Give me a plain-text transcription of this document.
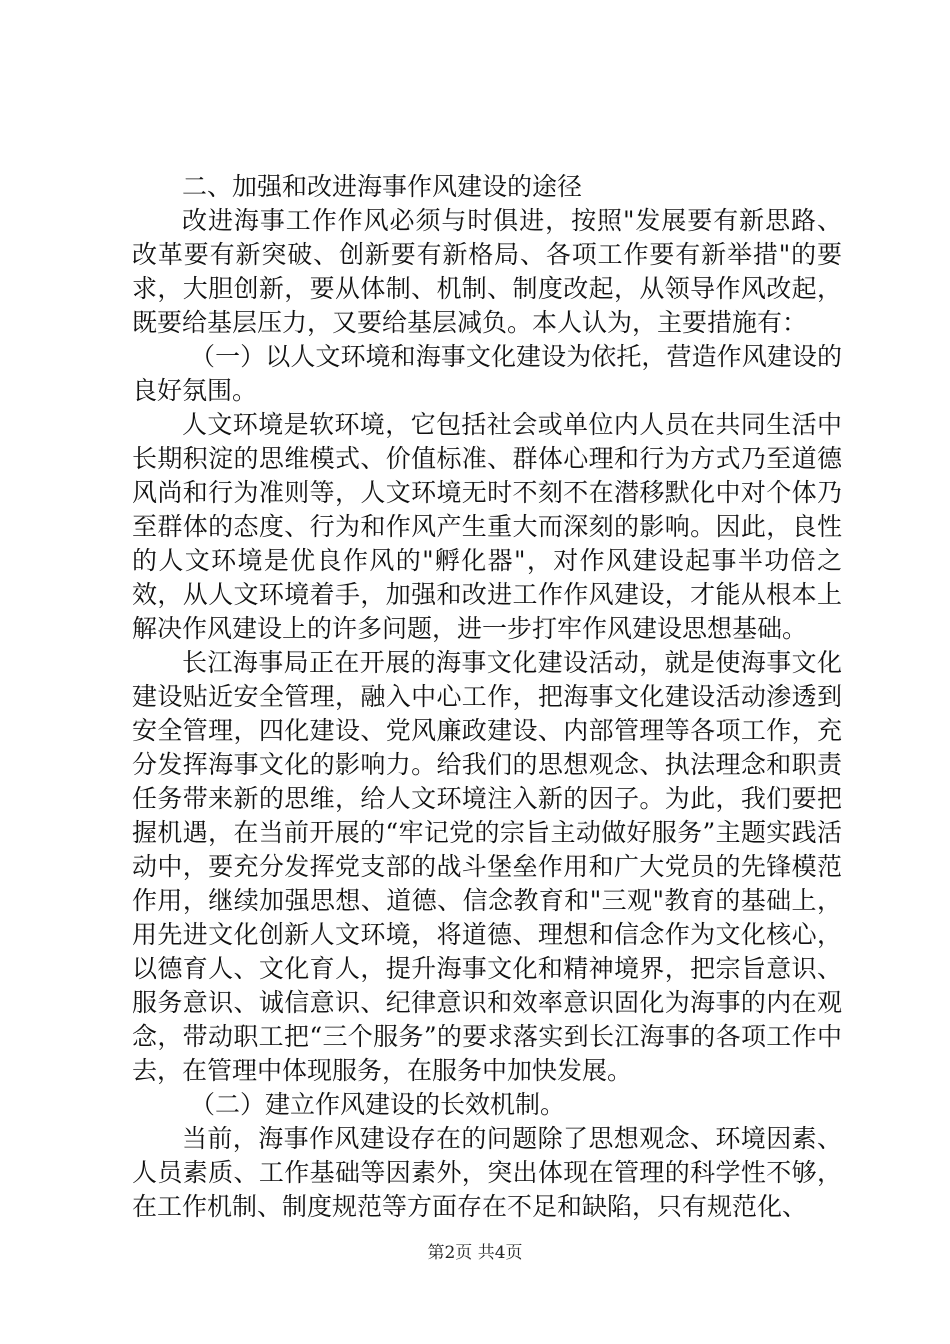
二、加强和改进海事作风建设的途径

改进海事工作作风必须与时俱进，按照"发展要有新思路、改革要有新突破、创新要有新格局、各项工作要有新举措"的要求，大胆创新，要从体制、机制、制度改起，从领导作风改起，既要给基层压力，又要给基层减负。本人认为，主要措施有：

（一）以人文环境和海事文化建设为依托，营造作风建设的良好氛围。

人文环境是软环境，它包括社会或单位内人员在共同生活中长期积淀的思维模式、价值标准、群体心理和行为方式乃至道德风尚和行为准则等，人文环境无时不刻不在潜移默化中对个体乃至群体的态度、行为和作风产生重大而深刻的影响。因此，良性的人文环境是优良作风的"孵化器"，对作风建设起事半功倍之效，从人文环境着手，加强和改进工作作风建设，才能从根本上解决作风建设上的许多问题，进一步打牢作风建设思想基础。

长江海事局正在开展的海事文化建设活动，就是使海事文化建设贴近安全管理，融入中心工作，把海事文化建设活动渗透到安全管理，四化建设、党风廉政建设、内部管理等各项工作，充分发挥海事文化的影响力。给我们的思想观念、执法理念和职责任务带来新的思维，给人文环境注入新的因子。为此，我们要把握机遇，在当前开展的“牢记党的宗旨主动做好服务”主题实践活动中，要充分发挥党支部的战斗堡垒作用和广大党员的先锋模范作用，继续加强思想、道德、信念教育和"三观"教育的基础上，用先进文化创新人文环境，将道德、理想和信念作为文化核心，以德育人、文化育人，提升海事文化和精神境界，把宗旨意识、服务意识、诚信意识、纪律意识和效率意识固化为海事的内在观念，带动职工把“三个服务”的要求落实到长江海事的各项工作中去，在管理中体现服务，在服务中加快发展。

（二）建立作风建设的长效机制。

当前，海事作风建设存在的问题除了思想观念、环境因素、人员素质、工作基础等因素外，突出体现在管理的科学性不够，在工作机制、制度规范等方面存在不足和缺陷，只有规范化、

第2页 共4页
